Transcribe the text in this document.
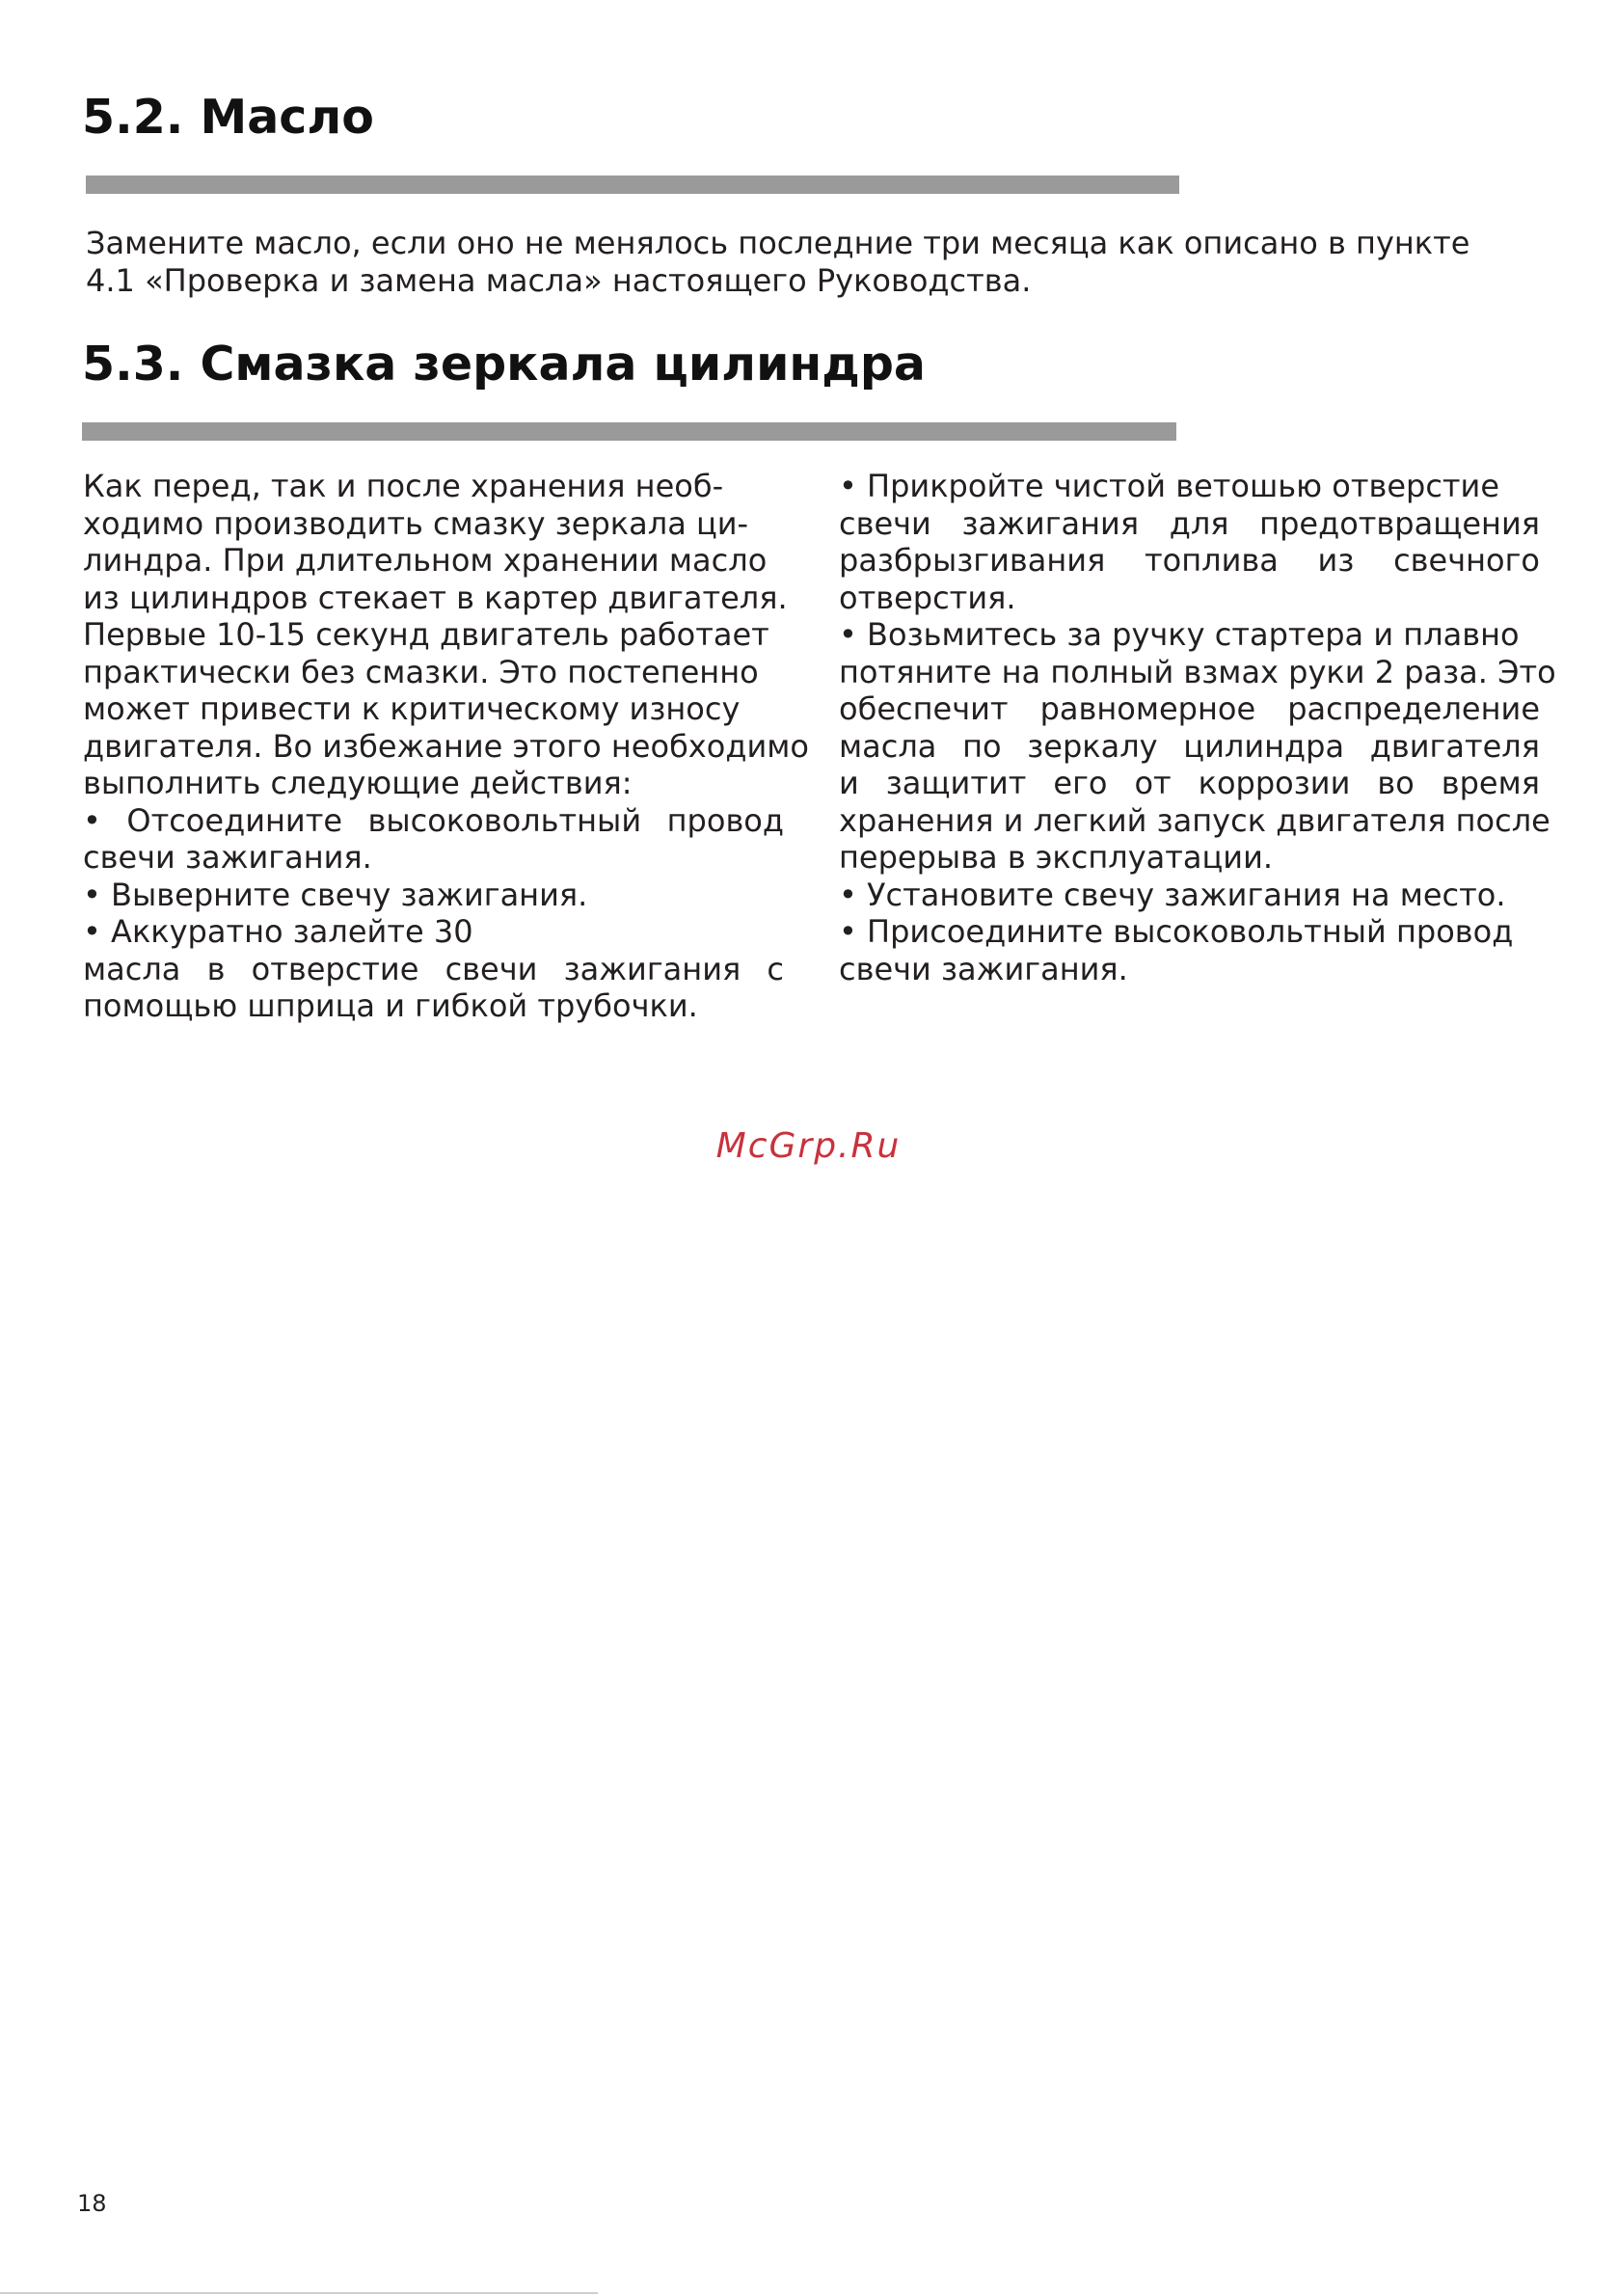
5.2. Масло
Замените масло, если оно не менялось последние три месяца как описано в пункте
4.1 «Проверка и замена масла» настоящего Руководства.
5.3. Смазка зеркала цилиндра
Как перед, так и после хранения необ-
ходимо производить смазку зеркала ци-
линдра. При длительном хранении масло
из цилиндров стекает в картер двигателя.
Первые 10-15 секунд двигатель работает
практически без смазки. Это постепенно
может привести к критическому износу
двигателя. Во избежание этого необходимо
выполнить следующие действия:
• Отсоедините высоковольтный провод
свечи зажигания.
• Выверните свечу зажигания.
• Аккуратно залейте 30
масла в отверстие свечи зажигания с
помощью шприца и гибкой трубочки.
• Прикройте чистой ветошью отверстие
свечи зажигания для предотвращения
разбрызгивания топлива из свечного
отверстия.
• Возьмитесь за ручку стартера и плавно
потяните на полный взмах руки 2 раза. Это
обеспечит равномерное распределение
масла по зеркалу цилиндра двигателя
и защитит его от коррозии во время
хранения и легкий запуск двигателя после
перерыва в эксплуатации.
• Установите свечу зажигания на место.
• Присоедините высоковольтный провод
свечи зажигания.
McGrp.Ru
18
